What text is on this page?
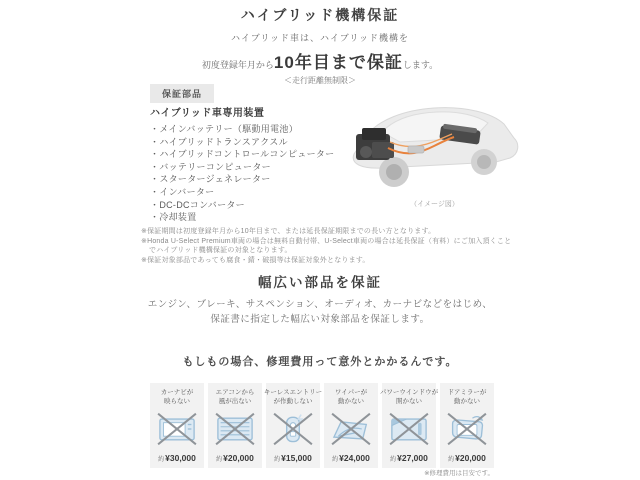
ハイブリッド機構保証
ハイブリッド車は、ハイブリッド機構を
初度登録年月から10年目まで保証します。
＜走行距離無制限＞
保証部品
ハイブリッド車専用装置
・ メインバッテリー（駆動用電池）
・ ハイブリッドトランスアクスル
・ ハイブリッドコントロールコンピューター
・ バッテリーコンピューター
・ スタータージェネレーター
・ インバーター
・ DC-DCコンバーター
・ 冷却装置
（イメージ図）
※保証期間は初度登録年月から10年目まで、または延長保証期限までの長い方となります。
※Honda U-Select Premium車両の場合は無料自動付帯、U-Select車両の場合は延長保証（有料）にご加入頂くことでハイブリッド機構保証の対象となります。
※保証対象部品であっても腐食・錆・破損等は保証対象外となります。
幅広い部品を保証
エンジン、ブレーキ、サスペンション、オーディオ、カーナビなどをはじめ、
保証書に指定した幅広い対象部品を保証します。
もしもの場合、修理費用って意外とかかるんです。
カーナビが
映らない
約¥30,000
エアコンから
風が出ない
約¥20,000
キーレスエントリー
が作動しない
約¥15,000
ワイパーが
動かない
約¥24,000
パワーウインドウが
開かない
約¥27,000
ドアミラーが
動かない
約¥20,000
※修理費用は目安です。
